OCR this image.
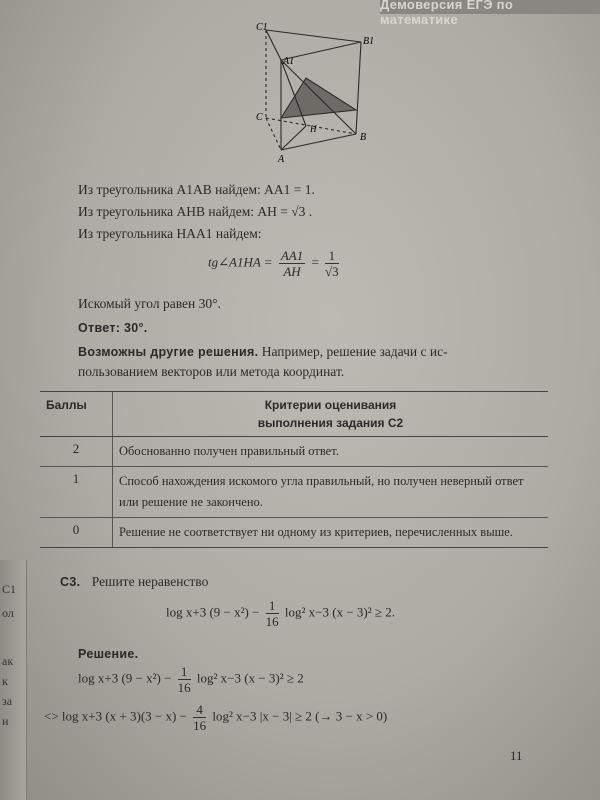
C1
ол
ак
к
за
и
Демоверсия ЕГЭ по математике
C1
B1
A1
C
H
B
A
Из треугольника A1AB найдем: AA1 = 1.
Из треугольника AHB найдем: AH = √3 .
Из треугольника HAA1 найдем:
tg∠A1HA = $\frac{AA1}{AH} = \frac{1}{√3}$
Искомый угол равен 30°.
Ответ: 30°.
Возможны другие решения. Например, решение задачи с ис-
пользованием векторов или метода координат.
Баллы	Критерии оценивания
выполнения задания С2

2	Обоснованно получен правильный ответ.
1	Способ нахождения искомого угла правильный, но получен неверный ответ или решение не закончено.
0	Решение не соответствует ни одному из критериев, перечисленных выше.
С3. Решите неравенство
log x+3 $(9 - x^2) - \frac{1}{16} \log^2$ x−3 (x − 3)² ≥ 2.
Решение.
log x+3 $(9 - x^2) - \frac{1}{16} \log^2$ x−3 (x − 3)² ≥ 2
<> log x+3 $(x + 3)(3 - x) - \frac{4}{16} \log^2$ x−3 |x − 3| ≥ 2 (→ 3 − x > 0)
11
